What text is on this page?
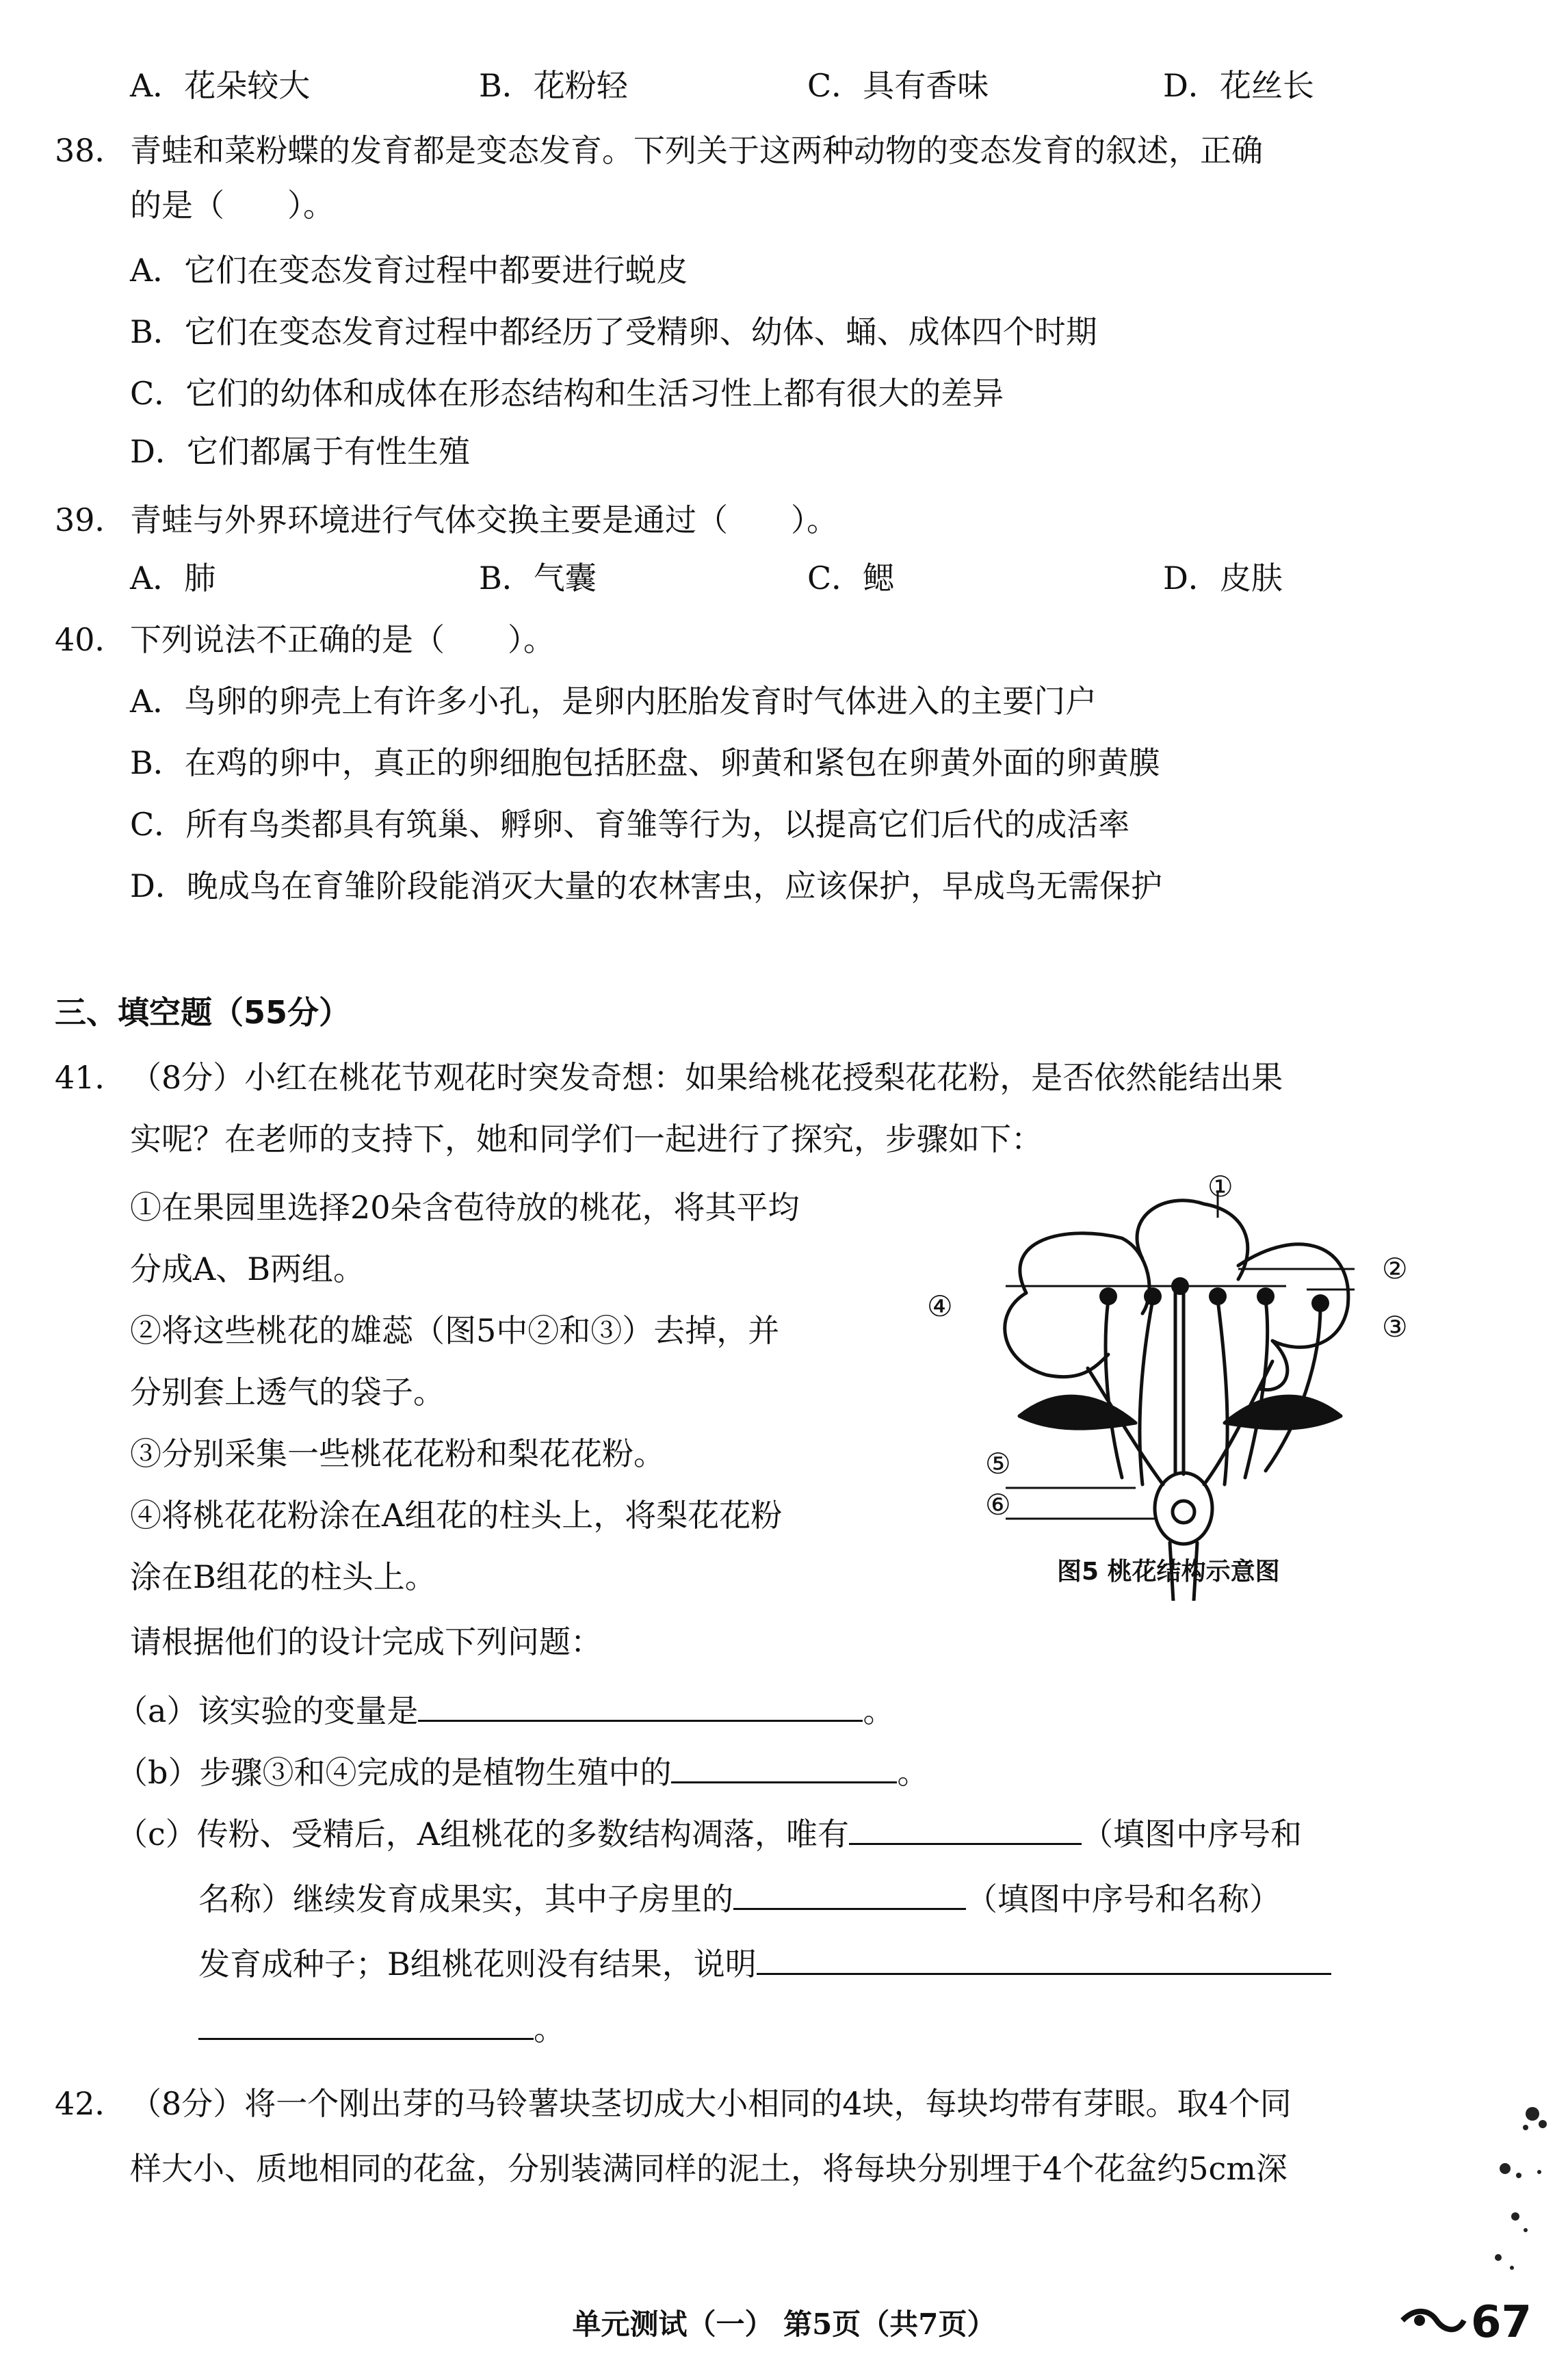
A．花朵较大	B．花粉轻	C．具有香味	D．花丝长
38． 青蛙和菜粉蝶的发育都是变态发育。下列关于这两种动物的变态发育的叙述，正确
的是（　　）。
A．它们在变态发育过程中都要进行蜕皮
B．它们在变态发育过程中都经历了受精卵、幼体、蛹、成体四个时期
C．它们的幼体和成体在形态结构和生活习性上都有很大的差异
D．它们都属于有性生殖
39． 青蛙与外界环境进行气体交换主要是通过（　　）。
A．肺	B．气囊	C．鳃	D．皮肤
40． 下列说法不正确的是（　　）。
A．鸟卵的卵壳上有许多小孔，是卵内胚胎发育时气体进入的主要门户
B．在鸡的卵中，真正的卵细胞包括胚盘、卵黄和紧包在卵黄外面的卵黄膜
C．所有鸟类都具有筑巢、孵卵、育雏等行为，以提高它们后代的成活率
D．晚成鸟在育雏阶段能消灭大量的农林害虫，应该保护，早成鸟无需保护
三、填空题（55分）
41． （8分）小红在桃花节观花时突发奇想：如果给桃花授梨花花粉，是否依然能结出果
实呢？在老师的支持下，她和同学们一起进行了探究，步骤如下：
①在果园里选择20朵含苞待放的桃花，将其平均
分成A、B两组。
②将这些桃花的雄蕊（图5中②和③）去掉，并
分别套上透气的袋子。
③分别采集一些桃花花粉和梨花花粉。
④将桃花花粉涂在A组花的柱头上，将梨花花粉
涂在B组花的柱头上。
①
②
③
④
⑤
⑥
图5 桃花结构示意图
请根据他们的设计完成下列问题：
（a）该实验的变量是	。
（b）步骤③和④完成的是植物生殖中的	。
（c）传粉、受精后，A组桃花的多数结构凋落，唯有	（填图中序号和
名称）继续发育成果实，其中子房里的	（填图中序号和名称）
发育成种子；B组桃花则没有结果，说明
。
42． （8分）将一个刚出芽的马铃薯块茎切成大小相同的4块，每块均带有芽眼。取4个同
样大小、质地相同的花盆，分别装满同样的泥土，将每块分别埋于4个花盆约5cm深
单元测试（一） 第5页（共7页）	67
